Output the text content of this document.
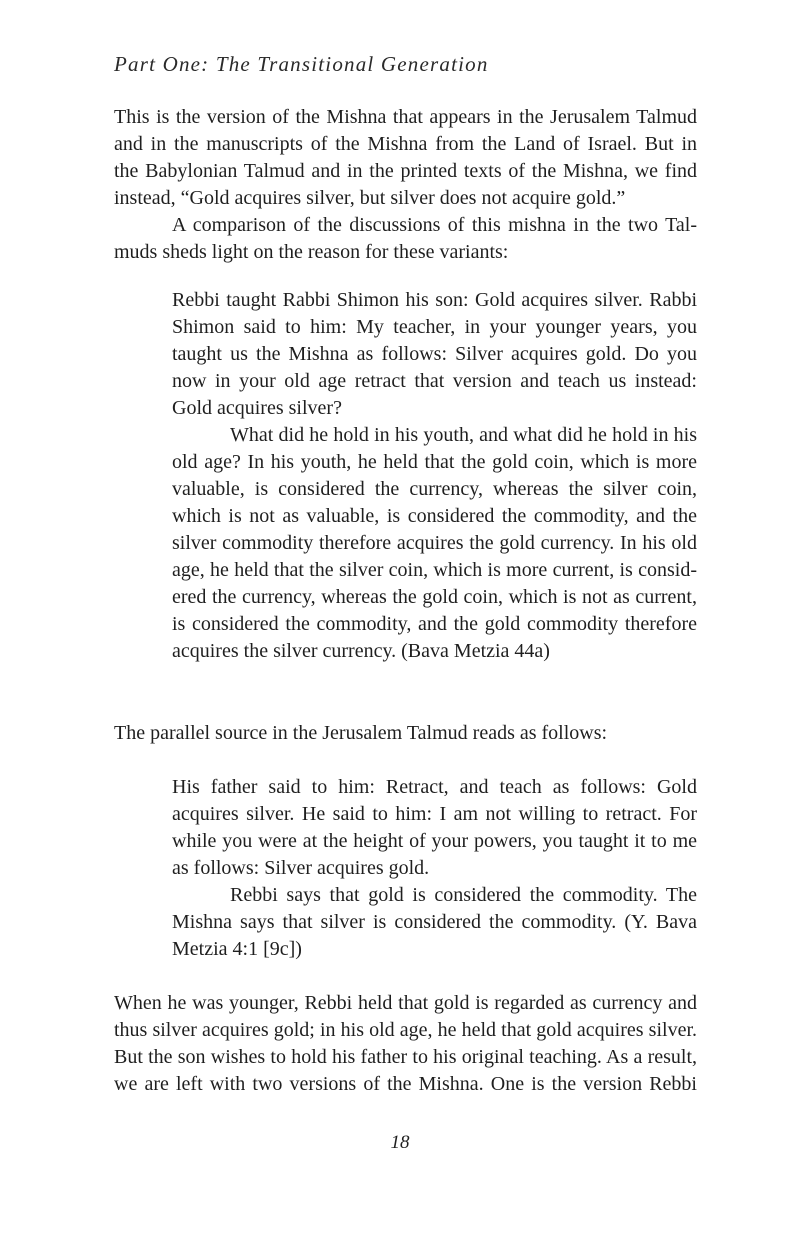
Part One: The Transitional Generation
This is the version of the Mishna that appears in the Jerusalem Talmud
and in the manuscripts of the Mishna from the Land of Israel. But in
the Babylonian Talmud and in the printed texts of the Mishna, we find
instead, “Gold acquires silver, but silver does not acquire gold.”
A comparison of the discussions of this mishna in the two Tal-
muds sheds light on the reason for these variants:
Rebbi taught Rabbi Shimon his son: Gold acquires silver. Rabbi
Shimon said to him: My teacher, in your younger years, you
taught us the Mishna as follows: Silver acquires gold. Do you
now in your old age retract that version and teach us instead:
Gold acquires silver?
What did he hold in his youth, and what did he hold in his
old age? In his youth, he held that the gold coin, which is more
valuable, is considered the currency, whereas the silver coin,
which is not as valuable, is considered the commodity, and the
silver commodity therefore acquires the gold currency. In his old
age, he held that the silver coin, which is more current, is consid-
ered the currency, whereas the gold coin, which is not as current,
is considered the commodity, and the gold commodity therefore
acquires the silver currency. (Bava Metzia 44a)
The parallel source in the Jerusalem Talmud reads as follows:
His father said to him: Retract, and teach as follows: Gold
acquires silver. He said to him: I am not willing to retract. For
while you were at the height of your powers, you taught it to me
as follows: Silver acquires gold.
Rebbi says that gold is considered the commodity. The
Mishna says that silver is considered the commodity. (Y. Bava
Metzia 4:1 [9c])
When he was younger, Rebbi held that gold is regarded as currency and
thus silver acquires gold; in his old age, he held that gold acquires silver.
But the son wishes to hold his father to his original teaching. As a result,
we are left with two versions of the Mishna. One is the version Rebbi
18
